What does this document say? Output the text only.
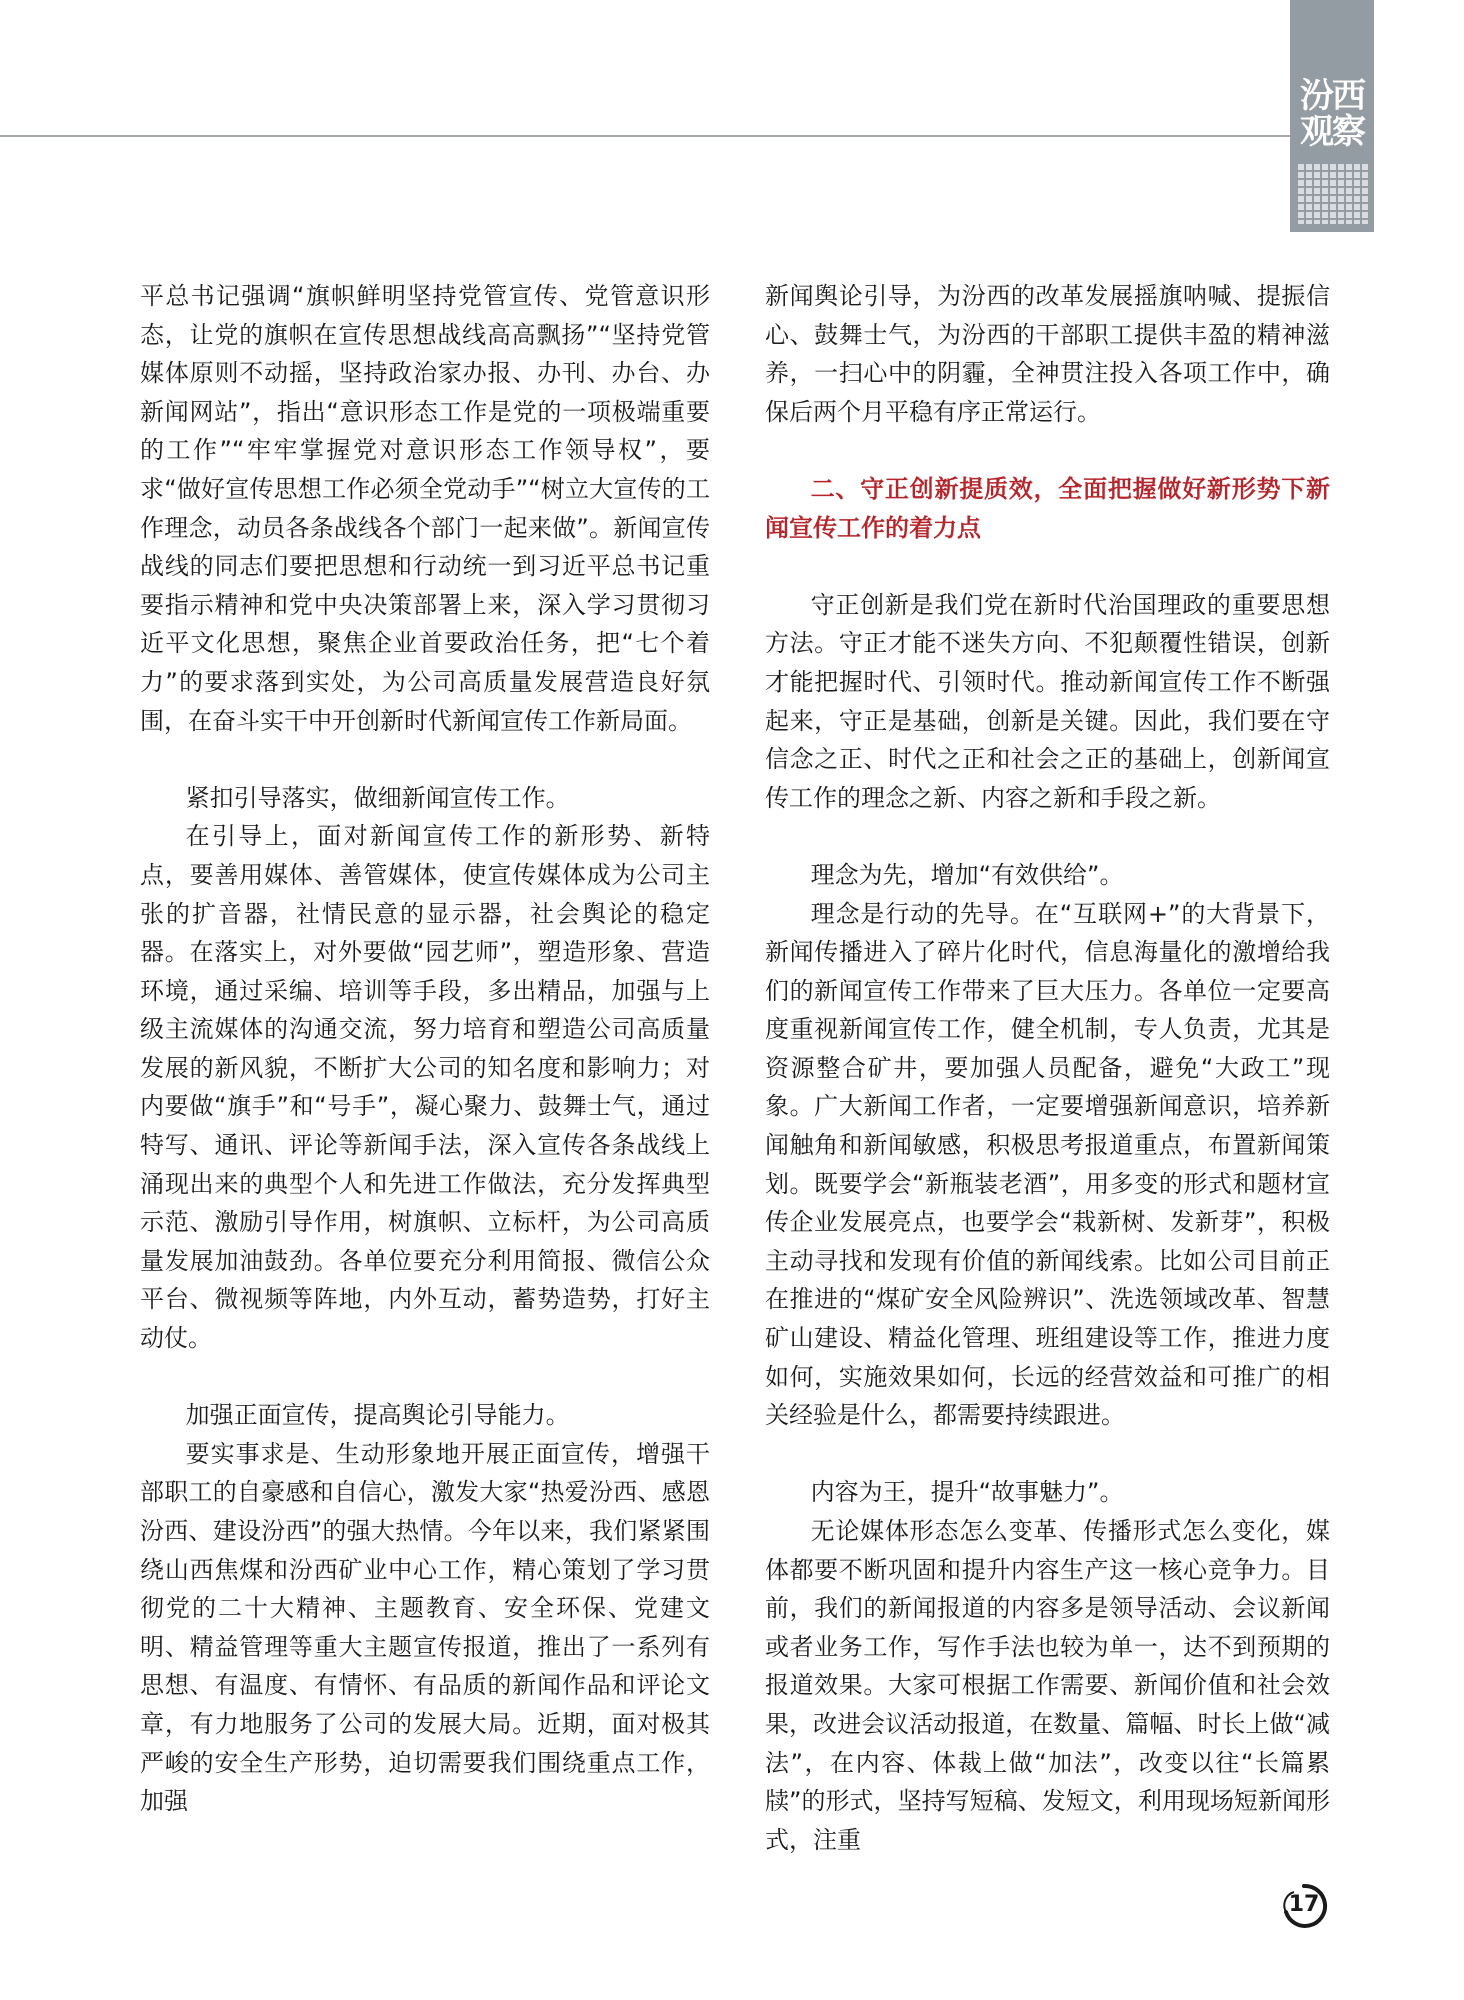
汾西
观察

平总书记强调“旗帜鲜明坚持党管宣传、党管意识形态，让党的旗帜在宣传思想战线高高飘扬”“坚持党管媒体原则不动摇，坚持政治家办报、办刊、办台、办新闻网站”，指出“意识形态工作是党的一项极端重要的工作”“牢牢掌握党对意识形态工作领导权”，要求“做好宣传思想工作必须全党动手”“树立大宣传的工作理念，动员各条战线各个部门一起来做”。新闻宣传战线的同志们要把思想和行动统一到习近平总书记重要指示精神和党中央决策部署上来，深入学习贯彻习近平文化思想，聚焦企业首要政治任务，把“七个着力”的要求落到实处，为公司高质量发展营造良好氛围，在奋斗实干中开创新时代新闻宣传工作新局面。

紧扣引导落实，做细新闻宣传工作。

在引导上，面对新闻宣传工作的新形势、新特点，要善用媒体、善管媒体，使宣传媒体成为公司主张的扩音器，社情民意的显示器，社会舆论的稳定器。在落实上，对外要做“园艺师”，塑造形象、营造环境，通过采编、培训等手段，多出精品，加强与上级主流媒体的沟通交流，努力培育和塑造公司高质量发展的新风貌，不断扩大公司的知名度和影响力；对内要做“旗手”和“号手”，凝心聚力、鼓舞士气，通过特写、通讯、评论等新闻手法，深入宣传各条战线上涌现出来的典型个人和先进工作做法，充分发挥典型示范、激励引导作用，树旗帜、立标杆，为公司高质量发展加油鼓劲。各单位要充分利用简报、微信公众平台、微视频等阵地，内外互动，蓄势造势，打好主动仗。

加强正面宣传，提高舆论引导能力。

要实事求是、生动形象地开展正面宣传，增强干部职工的自豪感和自信心，激发大家“热爱汾西、感恩汾西、建设汾西”的强大热情。今年以来，我们紧紧围绕山西焦煤和汾西矿业中心工作，精心策划了学习贯彻党的二十大精神、主题教育、安全环保、党建文明、精益管理等重大主题宣传报道，推出了一系列有思想、有温度、有情怀、有品质的新闻作品和评论文章，有力地服务了公司的发展大局。近期，面对极其严峻的安全生产形势，迫切需要我们围绕重点工作，加强

新闻舆论引导，为汾西的改革发展摇旗呐喊、提振信心、鼓舞士气，为汾西的干部职工提供丰盈的精神滋养，一扫心中的阴霾，全神贯注投入各项工作中，确保后两个月平稳有序正常运行。

二、守正创新提质效，全面把握做好新形势下新闻宣传工作的着力点

守正创新是我们党在新时代治国理政的重要思想方法。守正才能不迷失方向、不犯颠覆性错误，创新才能把握时代、引领时代。推动新闻宣传工作不断强起来，守正是基础，创新是关键。因此，我们要在守信念之正、时代之正和社会之正的基础上，创新闻宣传工作的理念之新、内容之新和手段之新。

理念为先，增加“有效供给”。

理念是行动的先导。在“互联网+”的大背景下，新闻传播进入了碎片化时代，信息海量化的激增给我们的新闻宣传工作带来了巨大压力。各单位一定要高度重视新闻宣传工作，健全机制，专人负责，尤其是资源整合矿井，要加强人员配备，避免“大政工”现象。广大新闻工作者，一定要增强新闻意识，培养新闻触角和新闻敏感，积极思考报道重点，布置新闻策划。既要学会“新瓶装老酒”，用多变的形式和题材宣传企业发展亮点，也要学会“栽新树、发新芽”，积极主动寻找和发现有价值的新闻线索。比如公司目前正在推进的“煤矿安全风险辨识”、洗选领域改革、智慧矿山建设、精益化管理、班组建设等工作，推进力度如何，实施效果如何，长远的经营效益和可推广的相关经验是什么，都需要持续跟进。

内容为王，提升“故事魅力”。

无论媒体形态怎么变革、传播形式怎么变化，媒体都要不断巩固和提升内容生产这一核心竞争力。目前，我们的新闻报道的内容多是领导活动、会议新闻或者业务工作，写作手法也较为单一，达不到预期的报道效果。大家可根据工作需要、新闻价值和社会效果，改进会议活动报道，在数量、篇幅、时长上做“减法”，在内容、体裁上做“加法”，改变以往“长篇累牍”的形式，坚持写短稿、发短文，利用现场短新闻形式，注重

17
